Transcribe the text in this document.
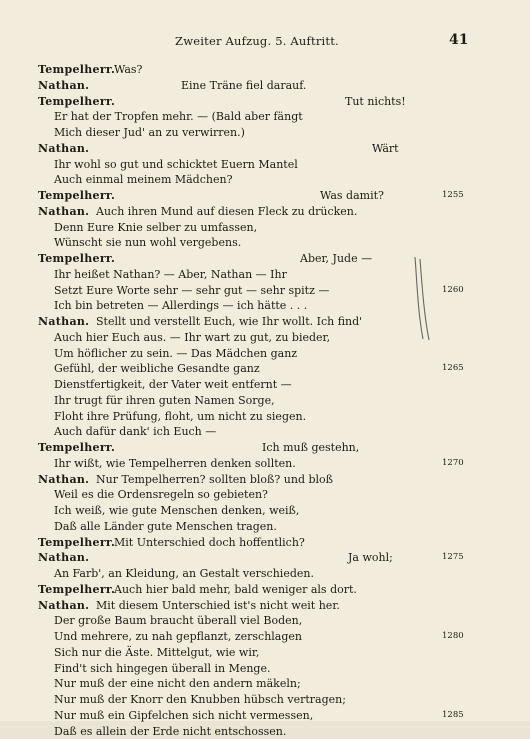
Zweiter Aufzug. 5. Auftritt.	41
Tempelherr.
Was?
Nathan.	Eine Träne fiel darauf.
Tempelherr.	Tut nichts!
Er hat der Tropfen mehr. — (Bald aber fängt
Mich dieser Jud' an zu verwirren.)
Nathan.	Wärt
Ihr wohl so gut und schicktet Euern Mantel
Auch einmal meinem Mädchen?
Tempelherr.	Was damit?	1255
Nathan. Auch ihren Mund auf diesen Fleck zu drücken.
Denn Eure Knie selber zu umfassen,
Wünscht sie nun wohl vergebens.
Tempelherr.	Aber, Jude —
Ihr heißet Nathan? — Aber, Nathan — Ihr
Setzt Eure Worte sehr — sehr gut — sehr spitz —	1260
Ich bin betreten — Allerdings — ich hätte . . .
Nathan. Stellt und verstellt Euch, wie Ihr wollt. Ich find'
Auch hier Euch aus. — Ihr wart zu gut, zu bieder,
Um höflicher zu sein. — Das Mädchen ganz
Gefühl, der weibliche Gesandte ganz	1265
Dienstfertigkeit, der Vater weit entfernt —
Ihr trugt für ihren guten Namen Sorge,
Floht ihre Prüfung, floht, um nicht zu siegen.
Auch dafür dank' ich Euch —
Tempelherr.	Ich muß gestehn,
Ihr wißt, wie Tempelherren denken sollten.	1270
Nathan. Nur Tempelherren? sollten bloß? und bloß
Weil es die Ordensregeln so gebieten?
Ich weiß, wie gute Menschen denken, weiß,
Daß alle Länder gute Menschen tragen.
Tempelherr.
Mit Unterschied doch hoffentlich?
Nathan.	Ja wohl;	1275
An Farb', an Kleidung, an Gestalt verschieden.
Tempelherr.
Auch hier bald mehr, bald weniger als dort.
Nathan. Mit diesem Unterschied ist's nicht weit her.
Der große Baum braucht überall viel Boden,
Und mehrere, zu nah gepflanzt, zerschlagen	1280
Sich nur die Äste. Mittelgut, wie wir,
Find't sich hingegen überall in Menge.
Nur muß der eine nicht den andern mäkeln;
Nur muß der Knorr den Knubben hübsch vertragen;
Nur muß ein Gipfelchen sich nicht vermessen,	1285
Daß es allein der Erde nicht entschossen.
